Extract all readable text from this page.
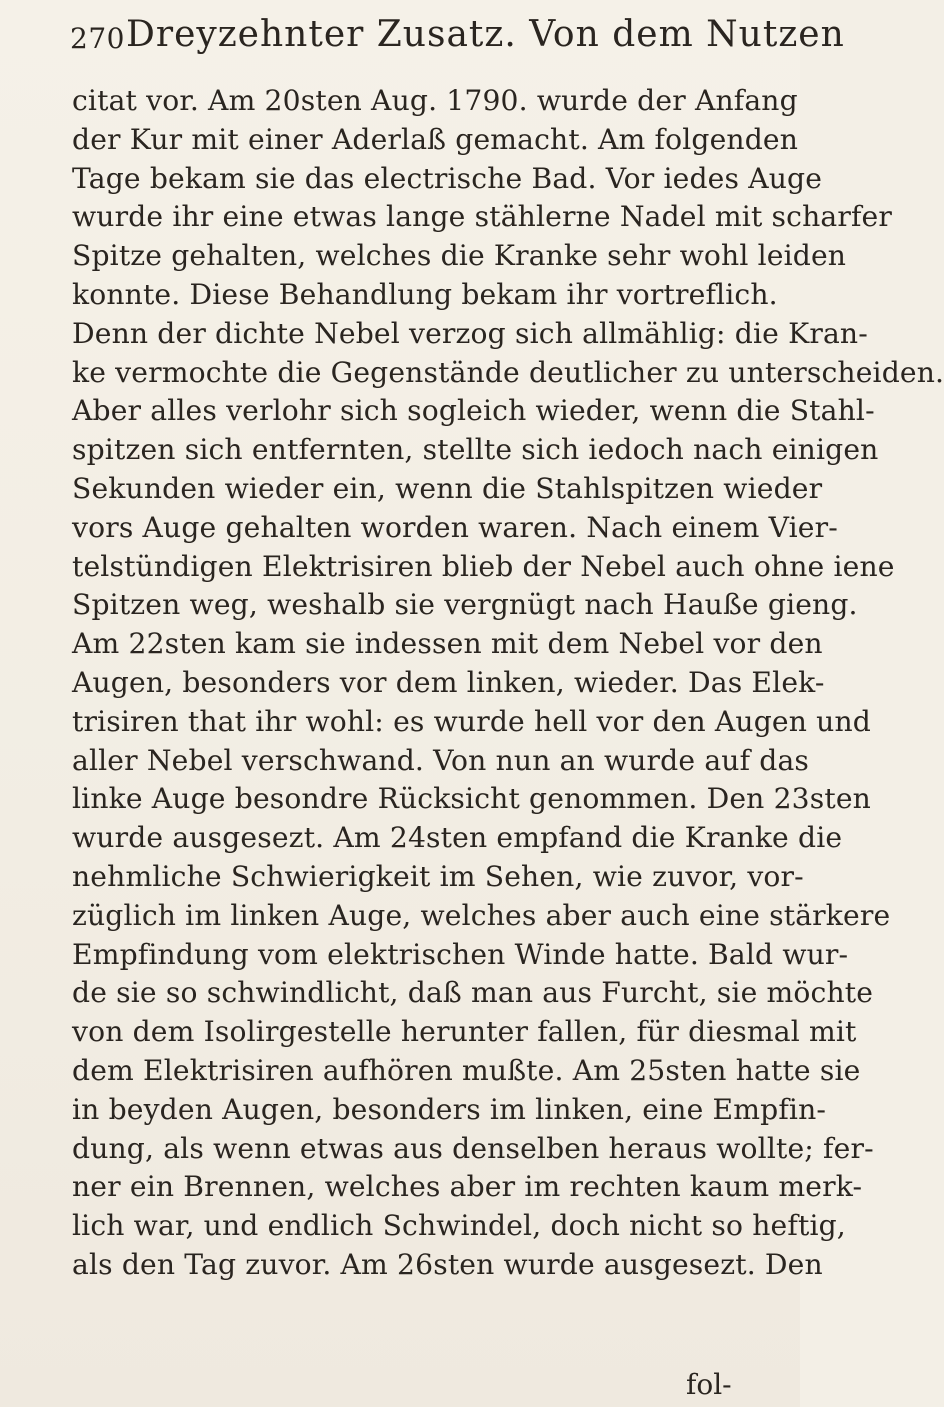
270 Dreyzehnter Zusatz. Von dem Nutzen
citat vor. Am 20sten Aug. 1790. wurde der Anfang
der Kur mit einer Aderlaß gemacht. Am folgenden
Tage bekam sie das electrische Bad. Vor iedes Auge
wurde ihr eine etwas lange stählerne Nadel mit scharfer
Spitze gehalten, welches die Kranke sehr wohl leiden
konnte. Diese Behandlung bekam ihr vortreflich.
Denn der dichte Nebel verzog sich allmählig: die Kran-
ke vermochte die Gegenstände deutlicher zu unterscheiden.
Aber alles verlohr sich sogleich wieder, wenn die Stahl-
spitzen sich entfernten, stellte sich iedoch nach einigen
Sekunden wieder ein, wenn die Stahlspitzen wieder
vors Auge gehalten worden waren. Nach einem Vier-
telstündigen Elektrisiren blieb der Nebel auch ohne iene
Spitzen weg, weshalb sie vergnügt nach Hauße gieng.
Am 22sten kam sie indessen mit dem Nebel vor den
Augen, besonders vor dem linken, wieder. Das Elek-
trisiren that ihr wohl: es wurde hell vor den Augen und
aller Nebel verschwand. Von nun an wurde auf das
linke Auge besondre Rücksicht genommen. Den 23sten
wurde ausgesezt. Am 24sten empfand die Kranke die
nehmliche Schwierigkeit im Sehen, wie zuvor, vor-
züglich im linken Auge, welches aber auch eine stärkere
Empfindung vom elektrischen Winde hatte. Bald wur-
de sie so schwindlicht, daß man aus Furcht, sie möchte
von dem Isolirgestelle herunter fallen, für diesmal mit
dem Elektrisiren aufhören mußte. Am 25sten hatte sie
in beyden Augen, besonders im linken, eine Empfin-
dung, als wenn etwas aus denselben heraus wollte; fer-
ner ein Brennen, welches aber im rechten kaum merk-
lich war, und endlich Schwindel, doch nicht so heftig,
als den Tag zuvor. Am 26sten wurde ausgesezt. Den
fol-
